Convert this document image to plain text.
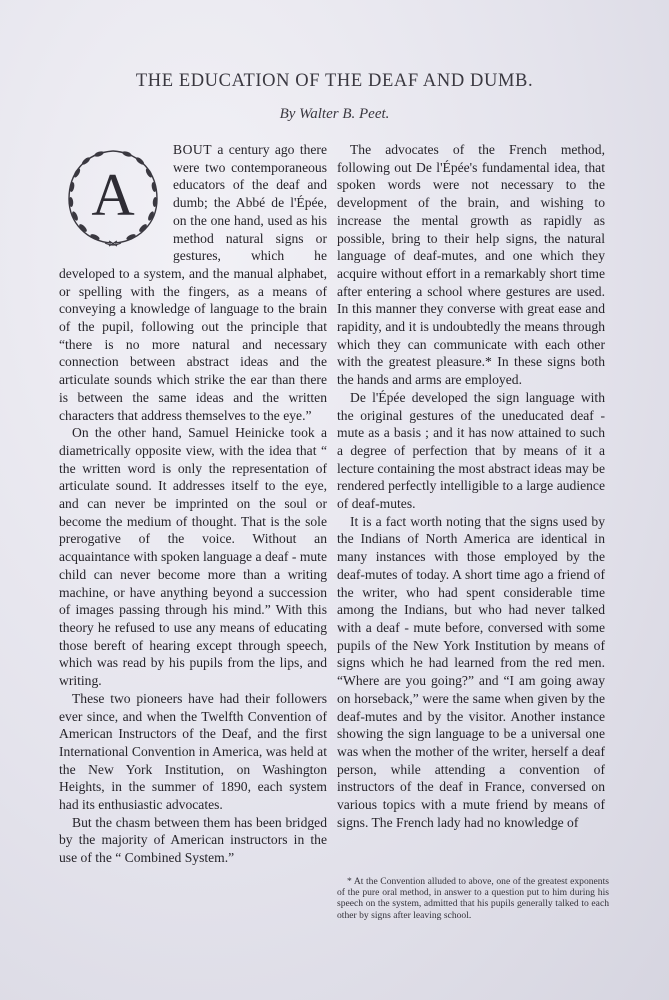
THE EDUCATION OF THE DEAF AND DUMB.
By Walter B. Peet.

A
BOUT a century ago there were two contemporaneous educators of the deaf and dumb; the Abbé de l'Épée, on the one hand, used as his method natural signs or gestures, which he developed to a system, and the manual alphabet, or spelling with the fingers, as a means of conveying a knowledge of language to the brain of the pupil, following out the principle that “there is no more natural and necessary connection between abstract ideas and the articulate sounds which strike the ear than there is between the same ideas and the written characters that address themselves to the eye.”

On the other hand, Samuel Heinicke took a diametrically opposite view, with the idea that “ the written word is only the representation of articulate sound. It addresses itself to the eye, and can never be imprinted on the soul or become the medium of thought. That is the sole prerogative of the voice. Without an acquaintance with spoken language a deaf - mute child can never become more than a writing machine, or have anything beyond a succession of images passing through his mind.” With this theory he refused to use any means of educating those bereft of hearing except through speech, which was read by his pupils from the lips, and writing.

These two pioneers have had their followers ever since, and when the Twelfth Convention of American Instructors of the Deaf, and the first International Convention in America, was held at the New York Institution, on Washington Heights, in the summer of 1890, each system had its enthusiastic advocates.

But the chasm between them has been bridged by the majority of American instructors in the use of the “ Combined System.”

The advocates of the French method, following out De l'Épée's fundamental idea, that spoken words were not necessary to the development of the brain, and wishing to increase the mental growth as rapidly as possible, bring to their help signs, the natural language of deaf-mutes, and one which they acquire without effort in a remarkably short time after entering a school where gestures are used. In this manner they converse with great ease and rapidity, and it is undoubtedly the means through which they can communicate with each other with the greatest pleasure.* In these signs both the hands and arms are employed.

De l'Épée developed the sign language with the original gestures of the uneducated deaf - mute as a basis ; and it has now attained to such a degree of perfection that by means of it a lecture containing the most abstract ideas may be rendered perfectly intelligible to a large audience of deaf-mutes.

It is a fact worth noting that the signs used by the Indians of North America are identical in many instances with those employed by the deaf-mutes of today. A short time ago a friend of the writer, who had spent considerable time among the Indians, but who had never talked with a deaf - mute before, conversed with some pupils of the New York Institution by means of signs which he had learned from the red men. “Where are you going?” and “I am going away on horseback,” were the same when given by the deaf-mutes and by the visitor. Another instance showing the sign language to be a universal one was when the mother of the writer, herself a deaf person, while attending a convention of instructors of the deaf in France, conversed on various topics with a mute friend by means of signs. The French lady had no knowledge of

* At the Convention alluded to above, one of the greatest exponents of the pure oral method, in answer to a question put to him during his speech on the system, admitted that his pupils generally talked to each other by signs after leaving school.
